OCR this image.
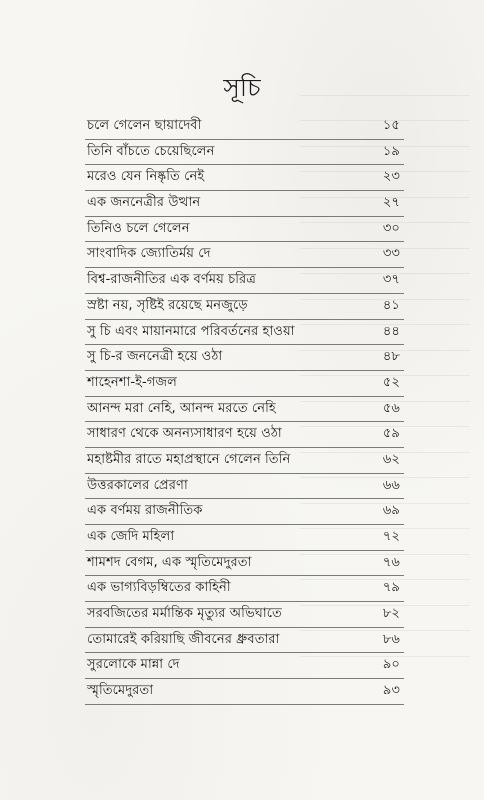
সূচি
চলে গেলেন ছায়াদেবী	১৫
তিনি বাঁচতে চেয়েছিলেন	১৯
মরেও যেন নিষ্কৃতি নেই	২৩
এক জননেত্রীর উত্থান	২৭
তিনিও চলে গেলেন	৩০
সাংবাদিক জ্যোতির্ময় দে	৩৩
বিশ্ব-রাজনীতির এক বর্ণময় চরিত্র	৩৭
স্রষ্টা নয়, সৃষ্টিই রয়েছে মনজুড়ে	৪১
সু চি এবং মায়ানমারে পরিবর্তনের হাওয়া	৪৪
সু চি-র জননেত্রী হয়ে ওঠা	৪৮
শাহেনশা-ই-গজল	৫২
আনন্দ মরা নেহি, আনন্দ মরতে নেহি	৫৬
সাধারণ থেকে অনন্যসাধারণ হয়ে ওঠা	৫৯
মহাষ্টমীর রাতে মহাপ্রস্থানে গেলেন তিনি	৬২
উত্তরকালের প্রেরণা	৬৬
এক বর্ণময় রাজনীতিক	৬৯
এক জেদি মহিলা	৭২
শামশদ বেগম, এক স্মৃতিমেদুরতা	৭৬
এক ভাগ্যবিড়ম্বিতের কাহিনী	৭৯
সরবজিতের মর্মান্তিক মৃত্যুর অভিঘাতে	৮২
তোমারেই করিয়াছি জীবনের ধ্রুবতারা	৮৬
সুরলোকে মান্না দে	৯০
স্মৃতিমেদুরতা	৯৩
